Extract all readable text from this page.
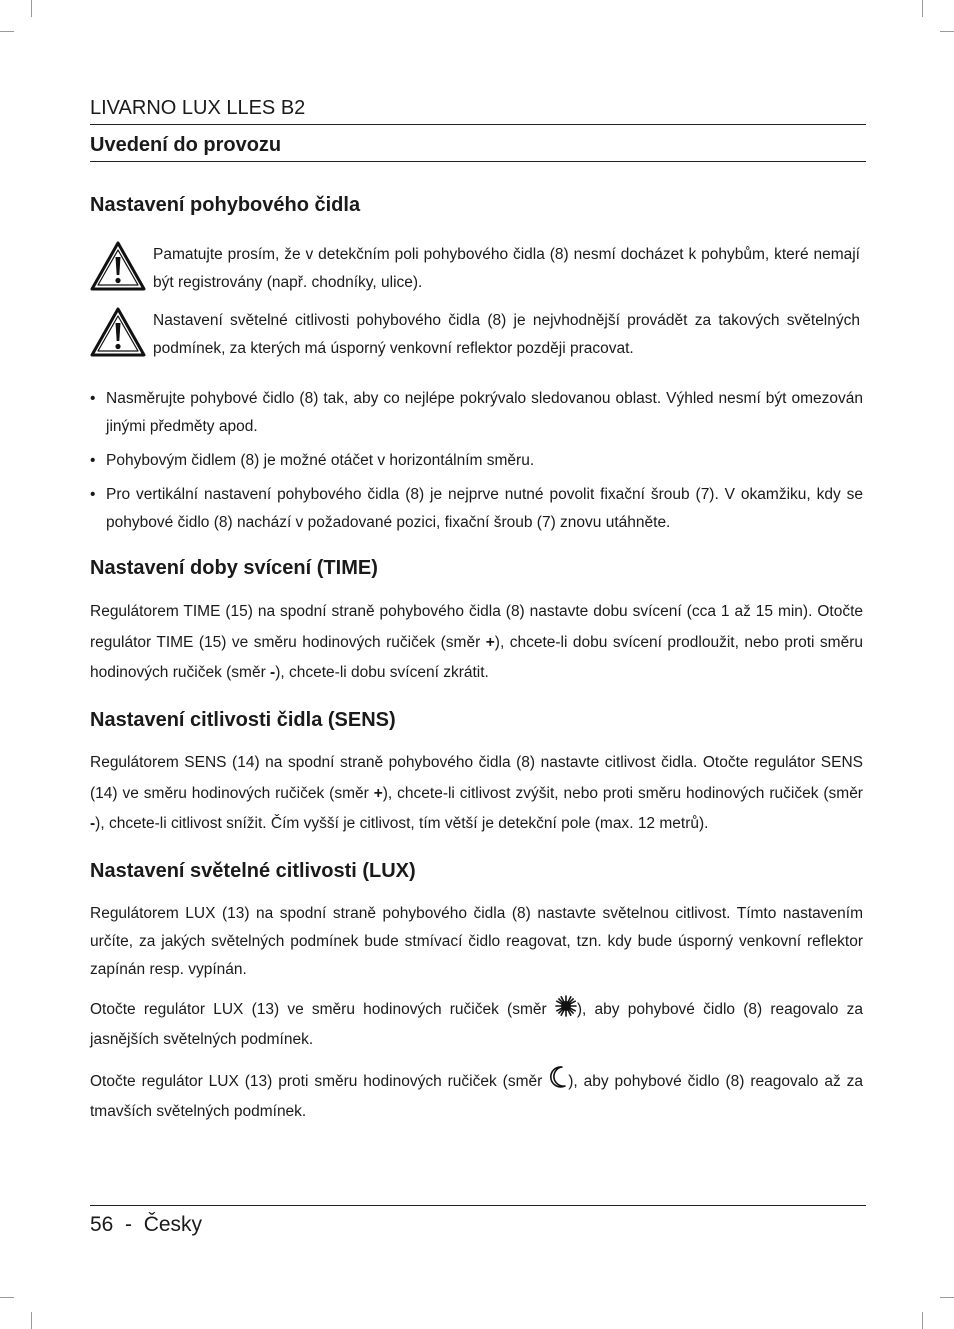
LIVARNO LUX LLES B2
Uvedení do provozu
Nastavení pohybového čidla
Pamatujte prosím, že v detekčním poli pohybového čidla (8) nesmí docházet k pohybům, které nemají být registrovány (např. chodníky, ulice).
Nastavení světelné citlivosti pohybového čidla (8) je nejvhodnější provádět za takových světelných podmínek, za kterých má úsporný venkovní reflektor později pracovat.
• Nasměrujte pohybové čidlo (8) tak, aby co nejlépe pokrývalo sledovanou oblast. Výhled nesmí být omezován jinými předměty apod.
• Pohybovým čidlem (8) je možné otáčet v horizontálním směru.
• Pro vertikální nastavení pohybového čidla (8) je nejprve nutné povolit fixační šroub (7). V okamžiku, kdy se pohybové čidlo (8) nachází v požadované pozici, fixační šroub (7) znovu utáhněte.
Nastavení doby svícení (TIME)
Regulátorem TIME (15) na spodní straně pohybového čidla (8) nastavte dobu svícení (cca 1 až 15 min). Otočte regulátor TIME (15) ve směru hodinových ručiček (směr +), chcete-li dobu svícení prodloužit, nebo proti směru hodinových ručiček (směr -), chcete-li dobu svícení zkrátit.
Nastavení citlivosti čidla (SENS)
Regulátorem SENS (14) na spodní straně pohybového čidla (8) nastavte citlivost čidla. Otočte regulátor SENS (14) ve směru hodinových ručiček (směr +), chcete-li citlivost zvýšit, nebo proti směru hodinových ručiček (směr -), chcete-li citlivost snížit. Čím vyšší je citlivost, tím větší je detekční pole (max. 12 metrů).
Nastavení světelné citlivosti (LUX)
Regulátorem LUX (13) na spodní straně pohybového čidla (8) nastavte světelnou citlivost. Tímto nastavením určíte, za jakých světelných podmínek bude stmívací čidlo reagovat, tzn. kdy bude úsporný venkovní reflektor zapínán resp. vypínán.
Otočte regulátor LUX (13) ve směru hodinových ručiček (směr ), aby pohybové čidlo (8) reagovalo za jasnějších světelných podmínek.
Otočte regulátor LUX (13) proti směru hodinových ručiček (směr ), aby pohybové čidlo (8) reagovalo až za tmavších světelných podmínek.
56  -  Česky
